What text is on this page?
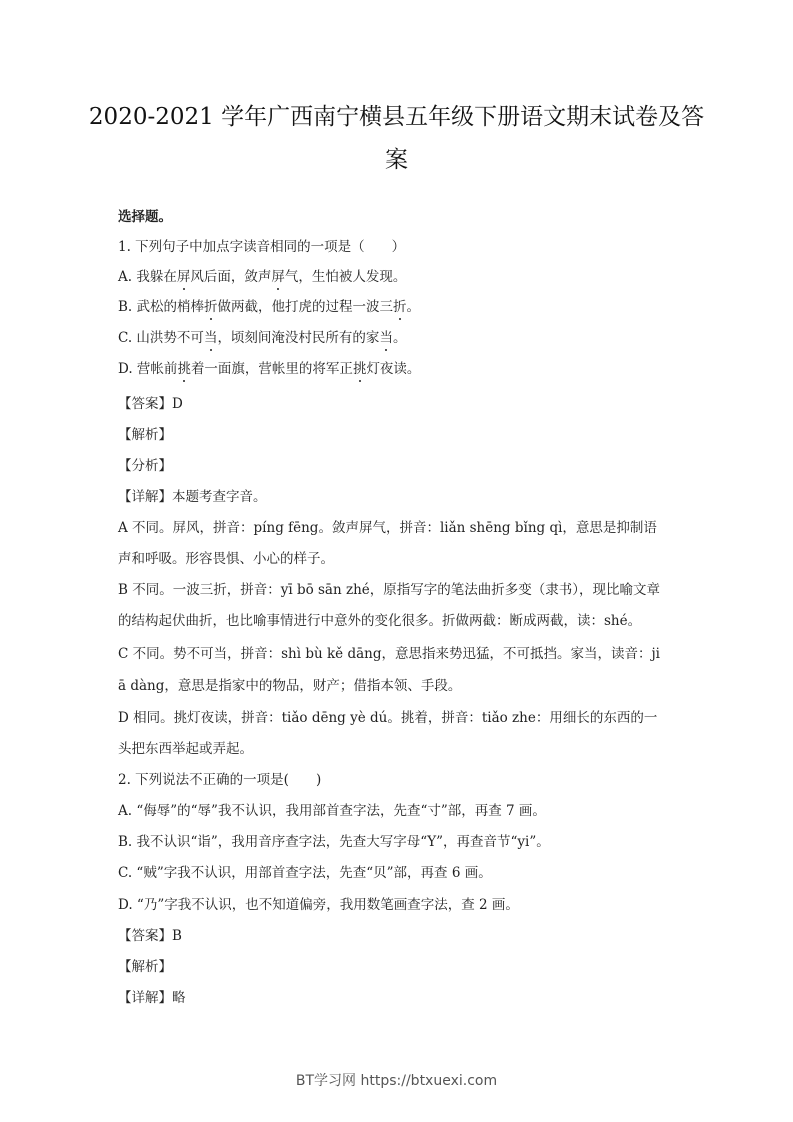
2020-2021 学年广西南宁横县五年级下册语文期末试卷及答
案
选择题。
1. 下列句子中加点字读音相同的一项是（　　）
A. 我躲在屏风后面，敛声屏气，生怕被人发现。
B. 武松的梢棒折做两截，他打虎的过程一波三折。
C. 山洪势不可当，顷刻间淹没村民所有的家当。
D. 营帐前挑着一面旗，营帐里的将军正挑灯夜读。
【答案】D
【解析】
【分析】
【详解】本题考查字音。
A 不同。屏风，拼音：píng fēng。敛声屏气，拼音：liǎn shēng bǐng qì，意思是抑制语
声和呼吸。形容畏惧、小心的样子。
B 不同。一波三折，拼音：yī bō sān zhé，原指写字的笔法曲折多变（隶书），现比喻文章
的结构起伏曲折，也比喻事情进行中意外的变化很多。折做两截：断成两截，读：shé。
C 不同。势不可当，拼音：shì bù kě dāng，意思指来势迅猛，不可抵挡。家当，读音：ji
ā dàng，意思是指家中的物品，财产；借指本领、手段。
D 相同。挑灯夜读，拼音：tiǎo dēng yè dú。挑着，拼音：tiǎo zhe：用细长的东西的一
头把东西举起或弄起。
2. 下列说法不正确的一项是(　　)
A. “侮辱”的“辱”我不认识，我用部首查字法，先查“寸”部，再查 7 画。
B. 我不认识“诣”，我用音序查字法，先查大写字母“Y”，再查音节“yi”。
C. “贼”字我不认识，用部首查字法，先查“贝”部，再查 6 画。
D. “乃”字我不认识，也不知道偏旁，我用数笔画查字法，查 2 画。
【答案】B
【解析】
【详解】略
BT学习网 https://btxuexi.com
